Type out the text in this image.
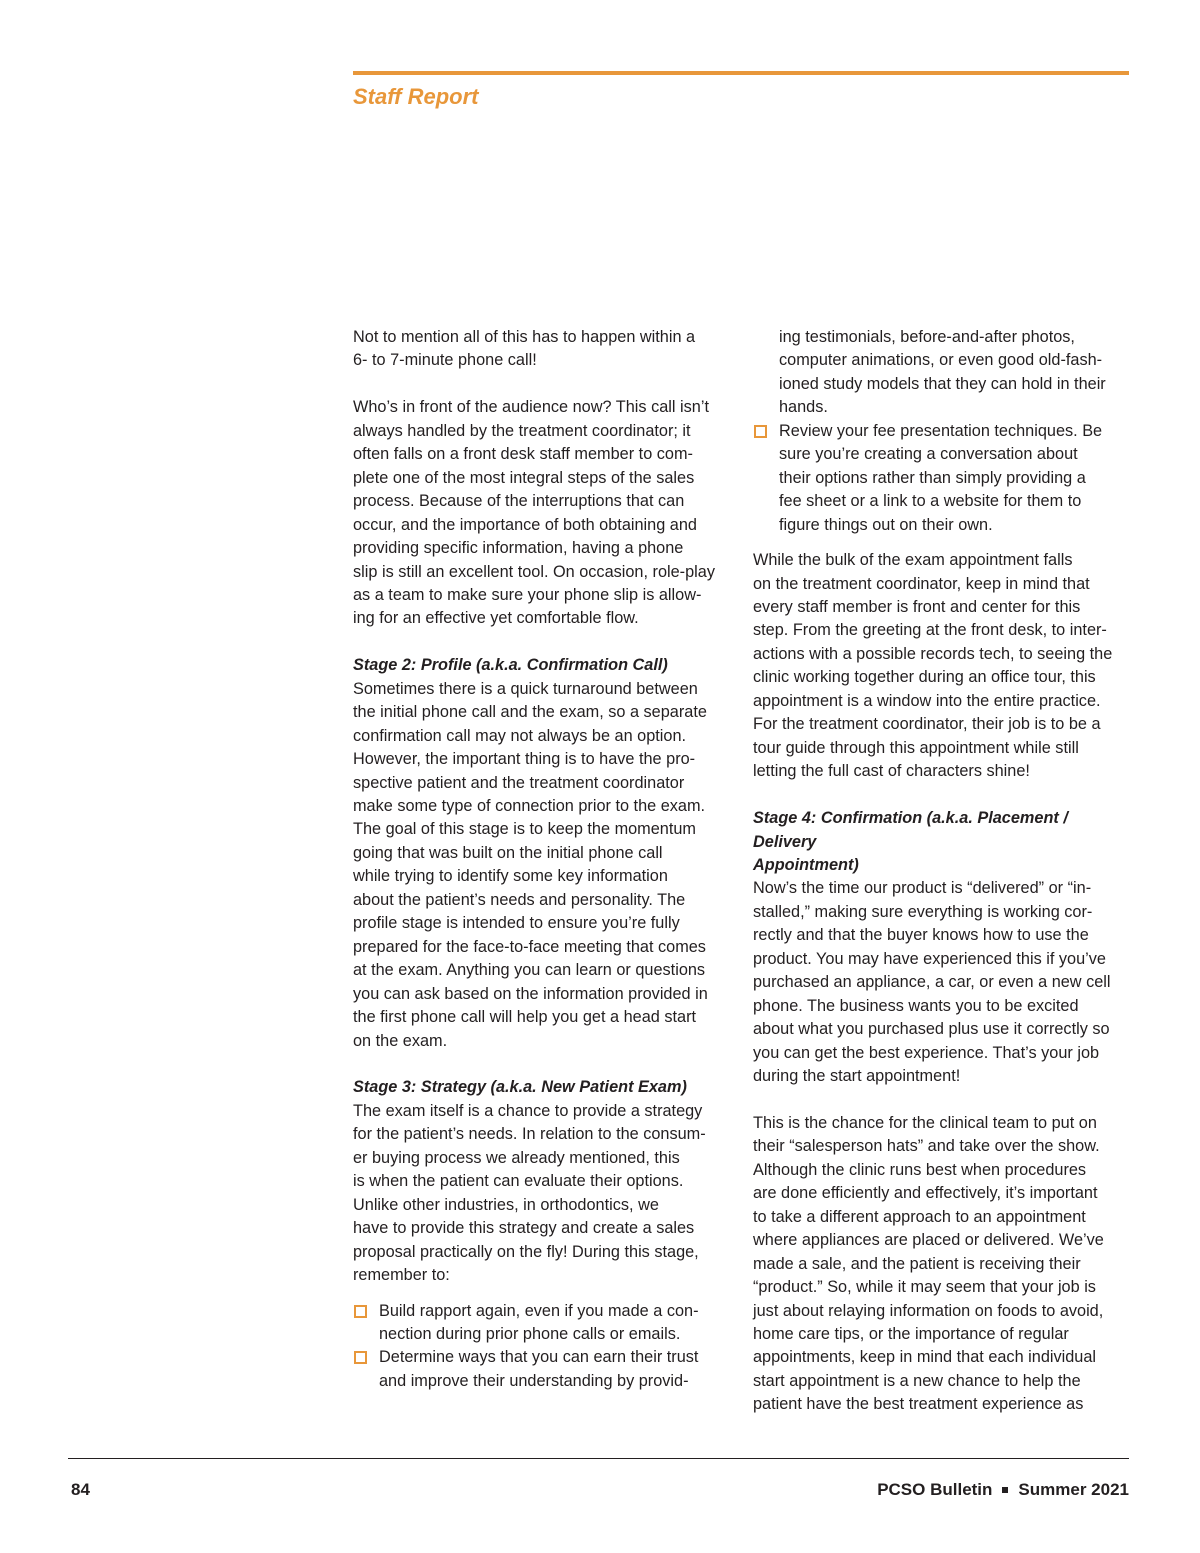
Staff Report

Not to mention all of this has to happen within a
6- to 7-minute phone call!

Who’s in front of the audience now? This call isn’t
always handled by the treatment coordinator; it
often falls on a front desk staff member to com-
plete one of the most integral steps of the sales
process. Because of the interruptions that can
occur, and the importance of both obtaining and
providing specific information, having a phone
slip is still an excellent tool. On occasion, role-play
as a team to make sure your phone slip is allow-
ing for an effective yet comfortable flow.

Stage 2: Profile (a.k.a. Confirmation Call)

Sometimes there is a quick turnaround between
the initial phone call and the exam, so a separate
confirmation call may not always be an option.
However, the important thing is to have the pro-
spective patient and the treatment coordinator
make some type of connection prior to the exam.
The goal of this stage is to keep the momentum
going that was built on the initial phone call
while trying to identify some key information
about the patient’s needs and personality. The
profile stage is intended to ensure you’re fully
prepared for the face-to-face meeting that comes
at the exam. Anything you can learn or questions
you can ask based on the information provided in
the first phone call will help you get a head start
on the exam.

Stage 3: Strategy (a.k.a. New Patient Exam)

The exam itself is a chance to provide a strategy
for the patient’s needs. In relation to the consum-
er buying process we already mentioned, this
is when the patient can evaluate their options.
Unlike other industries, in orthodontics, we
have to provide this strategy and create a sales
proposal practically on the fly! During this stage,
remember to:

Build rapport again, even if you made a con-
nection during prior phone calls or emails.
Determine ways that you can earn their trust
and improve their understanding by provid-

ing testimonials, before-and-after photos,
computer animations, or even good old-fash-
ioned study models that they can hold in their
hands.

Review your fee presentation techniques. Be
sure you’re creating a conversation about
their options rather than simply providing a
fee sheet or a link to a website for them to
figure things out on their own.

While the bulk of the exam appointment falls
on the treatment coordinator, keep in mind that
every staff member is front and center for this
step. From the greeting at the front desk, to inter-
actions with a possible records tech, to seeing the
clinic working together during an office tour, this
appointment is a window into the entire practice.
For the treatment coordinator, their job is to be a
tour guide through this appointment while still
letting the full cast of characters shine!

Stage 4: Confirmation (a.k.a. Placement / Delivery
Appointment)

Now’s the time our product is “delivered” or “in-
stalled,” making sure everything is working cor-
rectly and that the buyer knows how to use the
product. You may have experienced this if you’ve
purchased an appliance, a car, or even a new cell
phone. The business wants you to be excited
about what you purchased plus use it correctly so
you can get the best experience. That’s your job
during the start appointment!

This is the chance for the clinical team to put on
their “salesperson hats” and take over the show.
Although the clinic runs best when procedures
are done efficiently and effectively, it’s important
to take a different approach to an appointment
where appliances are placed or delivered. We’ve
made a sale, and the patient is receiving their
“product.” So, while it may seem that your job is
just about relaying information on foods to avoid,
home care tips, or the importance of regular
appointments, keep in mind that each individual
start appointment is a new chance to help the
patient have the best treatment experience as

84	PCSO Bulletin Summer 2021
